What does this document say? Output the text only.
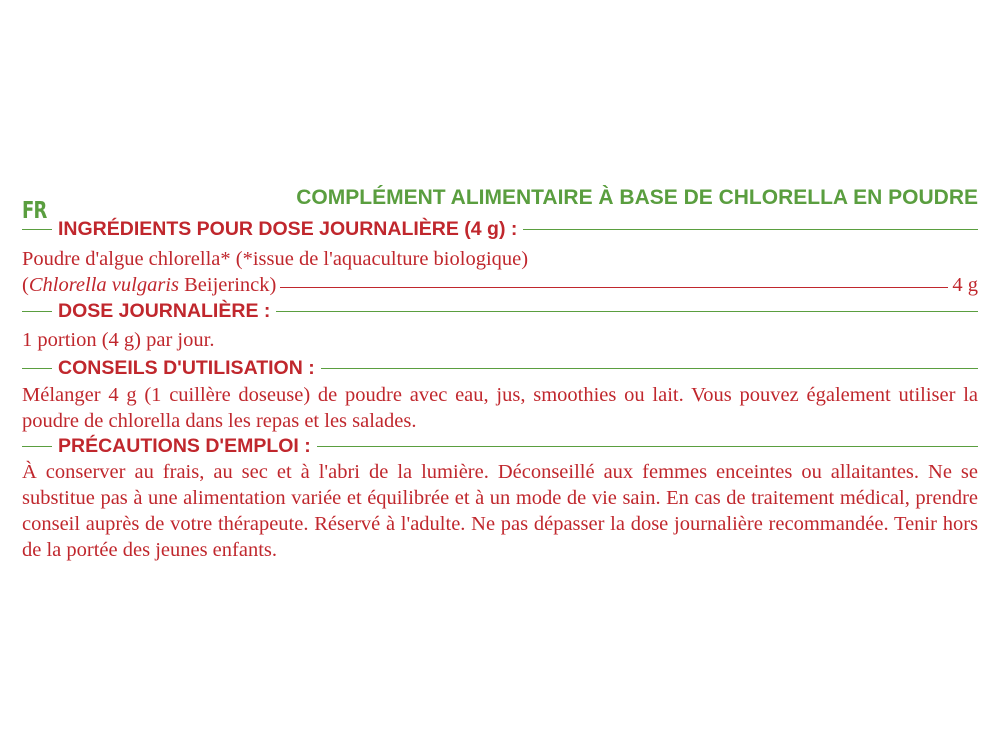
FR
COMPLÉMENT ALIMENTAIRE À BASE DE CHLORELLA EN POUDRE
INGRÉDIENTS POUR DOSE JOURNALIÈRE (4 g) :
Poudre d'algue chlorella* (*issue de l'aquaculture biologique)
(Chlorella vulgaris Beijerinck)	4 g
DOSE JOURNALIÈRE :
1 portion (4 g) par jour.
CONSEILS D'UTILISATION :
Mélanger 4 g (1 cuillère doseuse) de poudre avec eau, jus, smoothies ou lait. Vous pouvez également utiliser la poudre de chlorella dans les repas et les salades.
PRÉCAUTIONS D'EMPLOI :
À conserver au frais, au sec et à l'abri de la lumière. Déconseillé aux femmes enceintes ou allaitantes. Ne se substitue pas à une alimentation variée et équilibrée et à un mode de vie sain. En cas de traitement médical, prendre conseil auprès de votre thérapeute. Réservé à l'adulte. Ne pas dépasser la dose journalière recommandée. Tenir hors de la portée des jeunes enfants.
